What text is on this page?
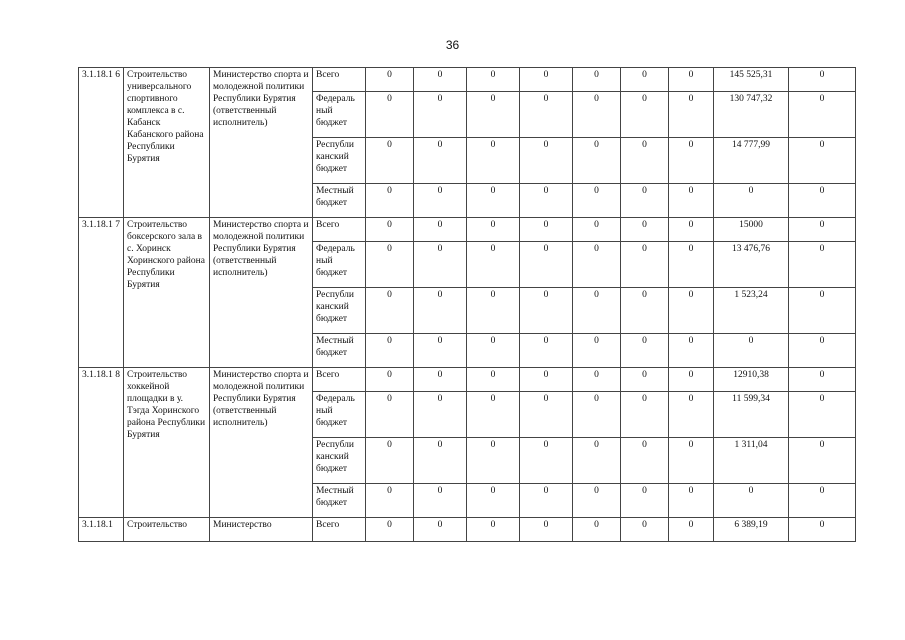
36
3.1.18.1 6	Строительство универсального спортивного комплекса в с. Кабанск Кабанского района Республики Бурятия	Министерство спорта и молодежной политики Республики Бурятия (ответственный исполнитель)	Всего	0	0	0	0	0	0	0	145 525,31	0
			Федераль ный бюджет	0	0	0	0	0	0	0	130 747,32	0
			Республи канский бюджет	0	0	0	0	0	0	0	14 777,99	0
			Местный бюджет	0	0	0	0	0	0	0	0	0
3.1.18.1 7	Строительство боксерского зала в с. Хоринск Хоринского района Республики Бурятия	Министерство спорта и молодежной политики Республики Бурятия (ответственный исполнитель)	Всего	0	0	0	0	0	0	0	15000	0
			Федераль ный бюджет	0	0	0	0	0	0	0	13 476,76	0
			Республи канский бюджет	0	0	0	0	0	0	0	1 523,24	0
			Местный бюджет	0	0	0	0	0	0	0	0	0
3.1.18.1 8	Строительство хоккейной площадки в у. Тэгда Хоринского района Республики Бурятия	Министерство спорта и молодежной политики Республики Бурятия (ответственный исполнитель)	Всего	0	0	0	0	0	0	0	12910,38	0
			Федераль ный бюджет	0	0	0	0	0	0	0	11 599,34	0
			Республи канский бюджет	0	0	0	0	0	0	0	1 311,04	0
			Местный бюджет	0	0	0	0	0	0	0	0	0
3.1.18.1	Строительство	Министерство	Всего	0	0	0	0	0	0	0	6 389,19	0
